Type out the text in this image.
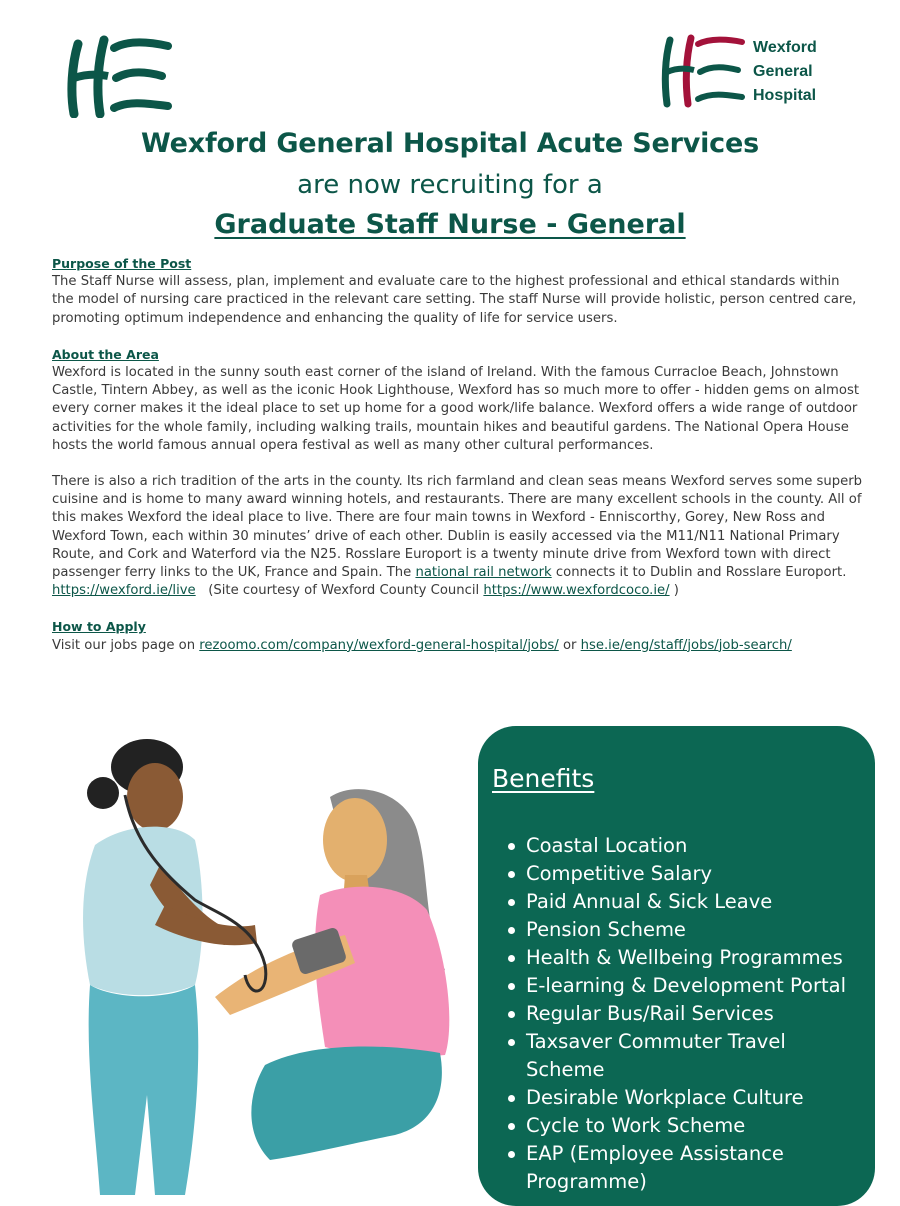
Wexford
General
Hospital
Wexford General Hospital Acute Services
are now recruiting for a
Graduate Staff Nurse - General
Purpose of the Post

The Staff Nurse will assess, plan, implement and evaluate care to the highest professional and ethical standards within the model of nursing care practiced in the relevant care setting. The staff Nurse will provide holistic, person centred care, promoting optimum independence and enhancing the quality of life for service users.

About the Area

Wexford is located in the sunny south east corner of the island of Ireland. With the famous Curracloe Beach, Johnstown Castle, Tintern Abbey, as well as the iconic Hook Lighthouse, Wexford has so much more to offer - hidden gems on almost every corner makes it the ideal place to set up home for a good work/life balance. Wexford offers a wide range of outdoor activities for the whole family, including walking trails, mountain hikes and beautiful gardens. The National Opera House hosts the world famous annual opera festival as well as many other cultural performances.

There is also a rich tradition of the arts in the county. Its rich farmland and clean seas means Wexford serves some superb cuisine and is home to many award winning hotels, and restaurants. There are many excellent schools in the county. All of this makes Wexford the ideal place to live. There are four main towns in Wexford - Enniscorthy, Gorey, New Ross and Wexford Town, each within 30 minutes’ drive of each other. Dublin is easily accessed via the M11/N11 National Primary Route, and Cork and Waterford via the N25. Rosslare Europort is a twenty minute drive from Wexford town with direct passenger ferry links to the UK, France and Spain. The national rail network connects it to Dublin and Rosslare Europort.
https://wexford.ie/live   (Site courtesy of Wexford County Council https://www.wexfordcoco.ie/ )

How to Apply
Visit our jobs page on rezoomo.com/company/wexford-general-hospital/jobs/ or hse.ie/eng/staff/jobs/job-search/
Benefits
Coastal Location
Competitive Salary
Paid Annual & Sick Leave
Pension Scheme
Health & Wellbeing Programmes
E-learning & Development Portal
Regular Bus/Rail Services
Taxsaver Commuter Travel Scheme
Desirable Workplace Culture
Cycle to Work Scheme
EAP (Employee Assistance Programme)
